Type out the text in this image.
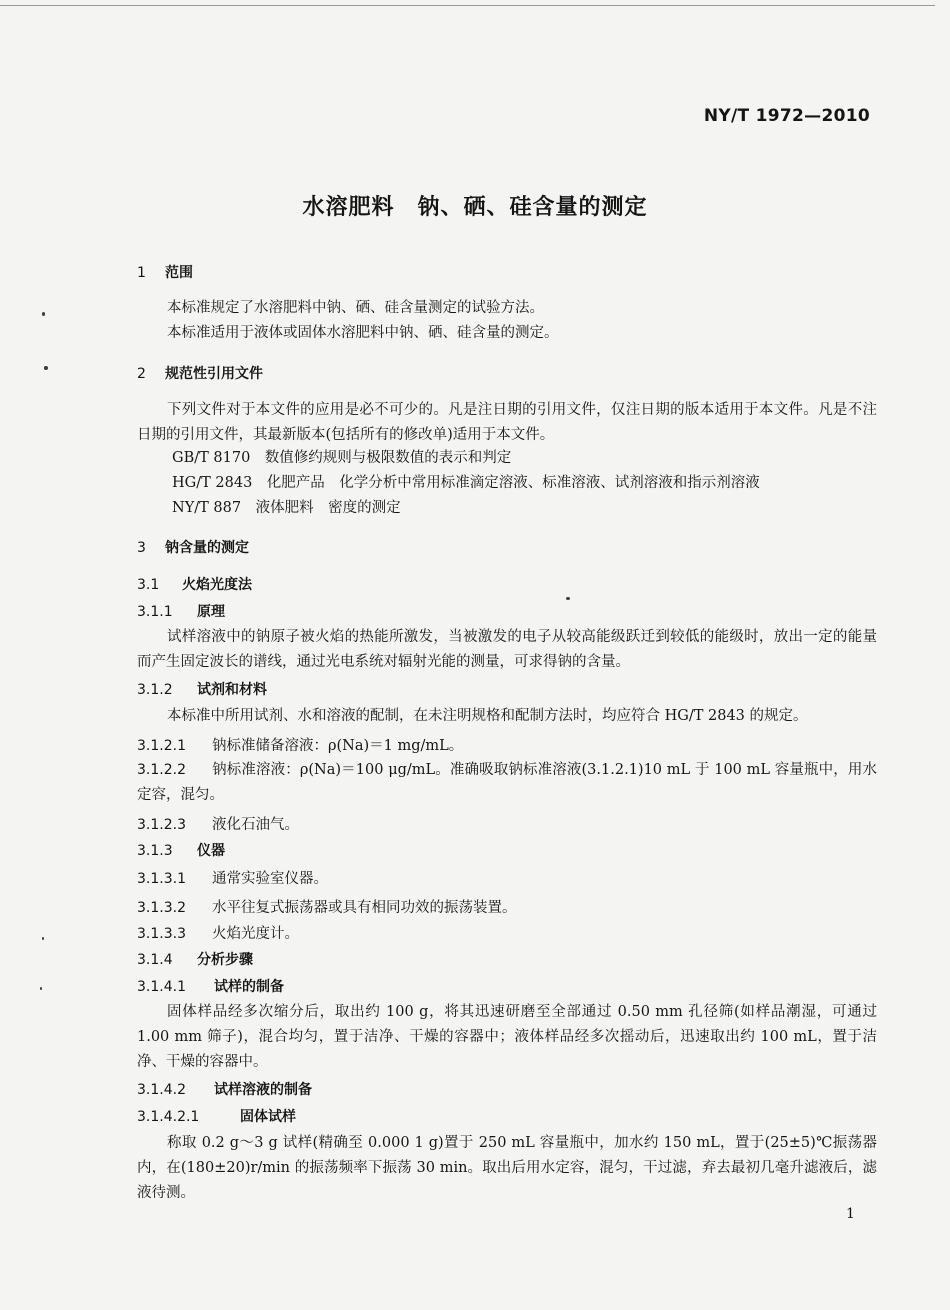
NY/T 1972—2010
水溶肥料　钠、硒、硅含量的测定
1 范围

本标准规定了水溶肥料中钠、硒、硅含量测定的试验方法。

本标准适用于液体或固体水溶肥料中钠、硒、硅含量的测定。

2 规范性引用文件

下列文件对于本文件的应用是必不可少的。凡是注日期的引用文件，仅注日期的版本适用于本文件。凡是不注日期的引用文件，其最新版本(包括所有的修改单)适用于本文件。

GB/T 8170　数值修约规则与极限数值的表示和判定

HG/T 2843　化肥产品　化学分析中常用标准滴定溶液、标准溶液、试剂溶液和指示剂溶液

NY/T 887　液体肥料　密度的测定

3 钠含量的测定
3.1 火焰光度法
3.1.1 原理

试样溶液中的钠原子被火焰的热能所激发，当被激发的电子从较高能级跃迁到较低的能级时，放出一定的能量而产生固定波长的谱线，通过光电系统对辐射光能的测量，可求得钠的含量。

3.1.2 试剂和材料

本标准中所用试剂、水和溶液的配制，在未注明规格和配制方法时，均应符合 HG/T 2843 的规定。

3.1.2.1 钠标准储备溶液：ρ(Na)＝1 mg/mL。

3.1.2.2 钠标准溶液：ρ(Na)＝100 μg/mL。准确吸取钠标准溶液(3.1.2.1)10 mL 于 100 mL 容量瓶中，用水定容，混匀。

3.1.2.3 液化石油气。

3.1.3 仪器

3.1.3.1 通常实验室仪器。

3.1.3.2 水平往复式振荡器或具有相同功效的振荡装置。

3.1.3.3 火焰光度计。

3.1.4 分析步骤
3.1.4.1 试样的制备

固体样品经多次缩分后，取出约 100 g，将其迅速研磨至全部通过 0.50 mm 孔径筛(如样品潮湿，可通过 1.00 mm 筛子)，混合均匀，置于洁净、干燥的容器中；液体样品经多次摇动后，迅速取出约 100 mL，置于洁净、干燥的容器中。

3.1.4.2 试样溶液的制备
3.1.4.2.1	固体试样

称取 0.2 g～3 g 试样(精确至 0.000 1 g)置于 250 mL 容量瓶中，加水约 150 mL，置于(25±5)℃振荡器内，在(180±20)r/min 的振荡频率下振荡 30 min。取出后用水定容，混匀，干过滤，弃去最初几毫升滤液后，滤液待测。

1
